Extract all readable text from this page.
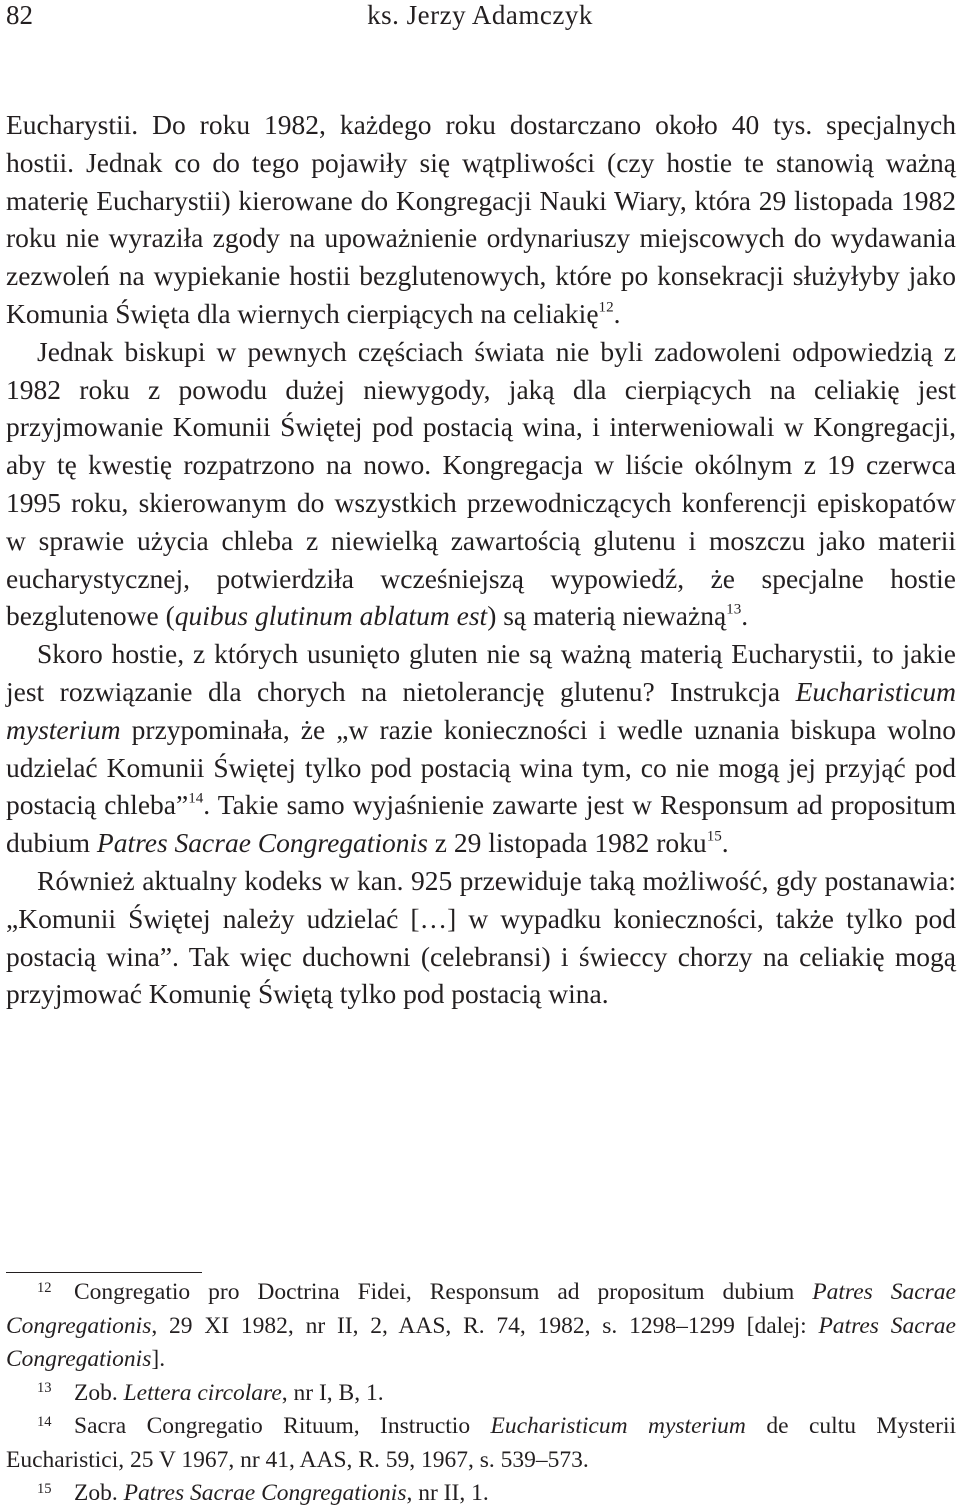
82	ks. Jerzy Adamczyk

Eucharystii. Do roku 1982, każdego roku dostarczano około 40 tys. specjalnych hostii. Jednak co do tego pojawiły się wątpliwości (czy hostie te stanowią ważną materię Eucharystii) kierowane do Kongregacji Nauki Wiary, która 29 listopada 1982 roku nie wyraziła zgody na upoważnienie ordynariuszy miejscowych do wydawania zezwoleń na wypiekanie hostii bezglutenowych, które po konsekracji służyłyby jako Komunia Święta dla wiernych cierpiących na celiakię$^{12}$.

Jednak biskupi w pewnych częściach świata nie byli zadowoleni odpowiedzią z 1982 roku z powodu dużej niewygody, jaką dla cierpiących na celiakię jest przyjmowanie Komunii Świętej pod postacią wina, i interweniowali w Kongregacji, aby tę kwestię rozpatrzono na nowo. Kongregacja w liście okólnym z 19 czerwca 1995 roku, skierowanym do wszystkich przewodniczących konferencji episkopatów w sprawie użycia chleba z niewielką zawartością glutenu i moszczu jako materii eucharystycznej, potwierdziła wcześniejszą wypowiedź, że specjalne hostie bezglutenowe (quibus glutinum ablatum est) są materią nieważną$^{13}$.

Skoro hostie, z których usunięto gluten nie są ważną materią Eucharystii, to jakie jest rozwiązanie dla chorych na nietolerancję glutenu? Instrukcja Eucharisticum mysterium przypominała, że „w razie konieczności i wedle uznania biskupa wolno udzielać Komunii Świętej tylko pod postacią wina tym, co nie mogą jej przyjąć pod postacią chleba”$^{14}$. Takie samo wyjaśnienie zawarte jest w Responsum ad propositum dubium Patres Sacrae Congregationis z 29 listopada 1982 roku$^{15}$.

Również aktualny kodeks w kan. 925 przewiduje taką możliwość, gdy postanawia: „Komunii Świętej należy udzielać […] w wypadku konieczności, także tylko pod postacią wina”. Tak więc duchowni (celebransi) i świeccy chorzy na celiakię mogą przyjmować Komunię Świętą tylko pod postacią wina.

12 Congregatio pro Doctrina Fidei, Responsum ad propositum dubium Patres Sacrae Congregationis, 29 XI 1982, nr II, 2, AAS, R. 74, 1982, s. 1298–1299 [dalej: Patres Sacrae Congregationis].

13 Zob. Lettera circolare, nr I, B, 1.

14 Sacra Congregatio Rituum, Instructio Eucharisticum mysterium de cultu Mysterii Eucharistici, 25 V 1967, nr 41, AAS, R. 59, 1967, s. 539–573.

15 Zob. Patres Sacrae Congregationis, nr II, 1.
